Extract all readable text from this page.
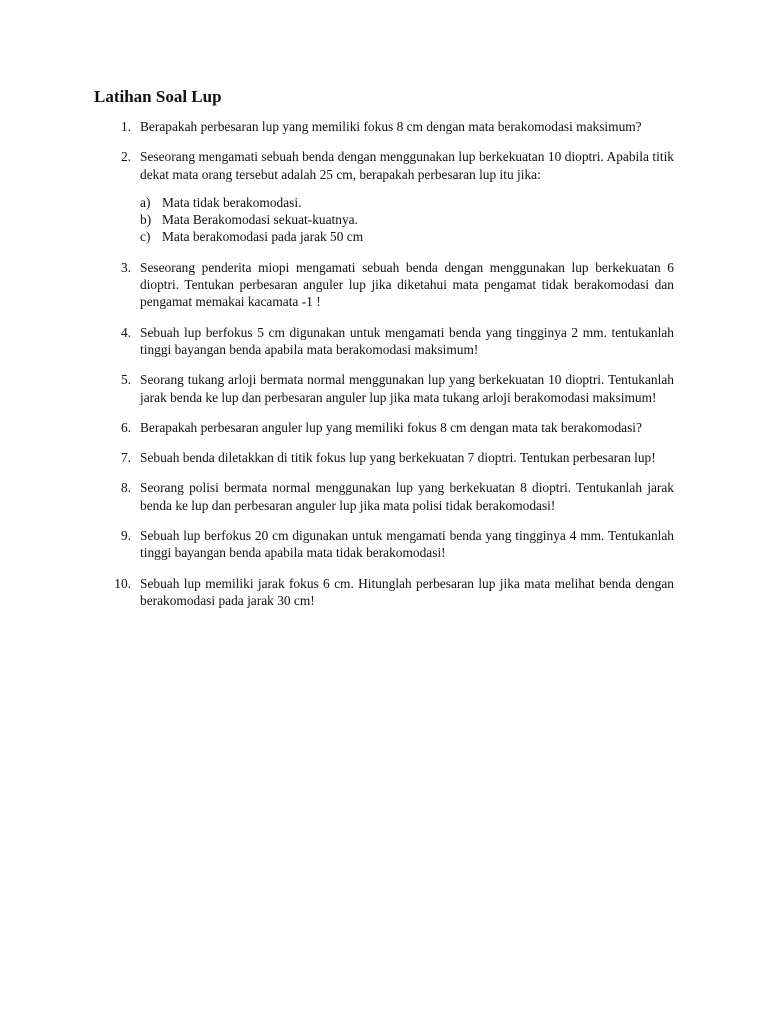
Latihan Soal Lup
1. Berapakah perbesaran lup yang memiliki fokus 8 cm dengan mata berakomodasi maksimum?
2. Seseorang mengamati sebuah benda dengan menggunakan lup berkekuatan 10 dioptri. Apabila titik dekat mata orang tersebut adalah 25 cm, berapakah perbesaran lup itu jika:
a) Mata tidak berakomodasi.
b) Mata Berakomodasi sekuat-kuatnya.
c) Mata berakomodasi pada jarak 50 cm
3. Seseorang penderita miopi mengamati sebuah benda dengan menggunakan lup berkekuatan 6 dioptri. Tentukan perbesaran anguler lup jika diketahui mata pengamat tidak berakomodasi dan pengamat memakai kacamata -1 !
4. Sebuah lup berfokus 5 cm digunakan untuk mengamati benda yang tingginya 2 mm. tentukanlah tinggi bayangan benda apabila mata berakomodasi maksimum!
5. Seorang tukang arloji bermata normal menggunakan lup yang berkekuatan 10 dioptri. Tentukanlah jarak benda ke lup dan perbesaran anguler lup jika mata tukang arloji berakomodasi maksimum!
6. Berapakah perbesaran anguler lup yang memiliki fokus 8 cm dengan mata tak berakomodasi?
7. Sebuah benda diletakkan di titik fokus lup yang berkekuatan 7 dioptri. Tentukan perbesaran lup!
8. Seorang polisi bermata normal menggunakan lup yang berkekuatan 8 dioptri. Tentukanlah jarak benda ke lup dan perbesaran anguler lup jika mata polisi tidak berakomodasi!
9. Sebuah lup berfokus 20 cm digunakan untuk mengamati benda yang tingginya 4 mm. Tentukanlah tinggi bayangan benda apabila mata tidak berakomodasi!
10. Sebuah lup memiliki jarak fokus 6 cm. Hitunglah perbesaran lup jika mata melihat benda dengan berakomodasi pada jarak 30 cm!
